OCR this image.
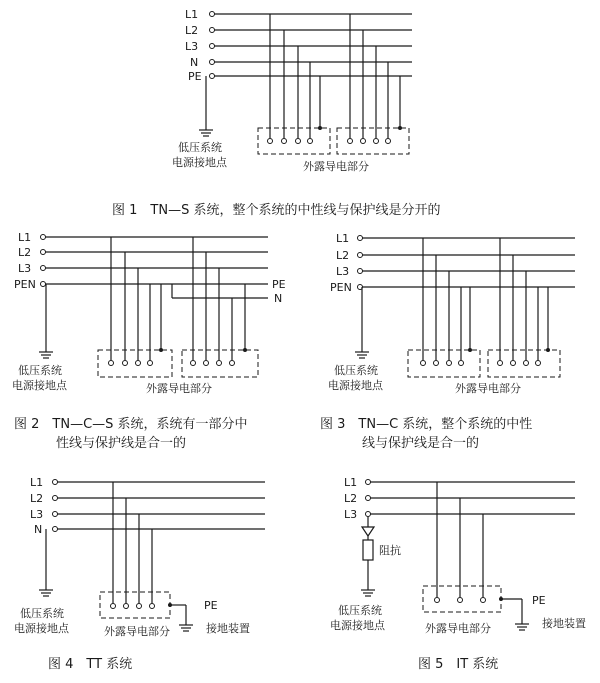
L1
L2
L3
N
PE
低压系统
电源接地点	外露导电部分
图 1　TN—S 系统，整个系统的中性线与保护线是分开的
L1
L2
L3
PEN	PE
N
低压系统
电源接地点	外露导电部分
图 2　TN—C—S 系统，系统有一部分中
性线与保护线是合一的
L1
L2
L3
PEN
低压系统
电源接地点	外露导电部分
图 3　TN—C 系统，整个系统的中性
线与保护线是合一的
L1
L2
L3
N
低压系统
电源接地点
PE
接地装置
外露导电部分
图 4　TT 系统
L1
L2
L3
阻抗
低压系统
电源接地点
PE
接地装置
外露导电部分
图 5　IT 系统
